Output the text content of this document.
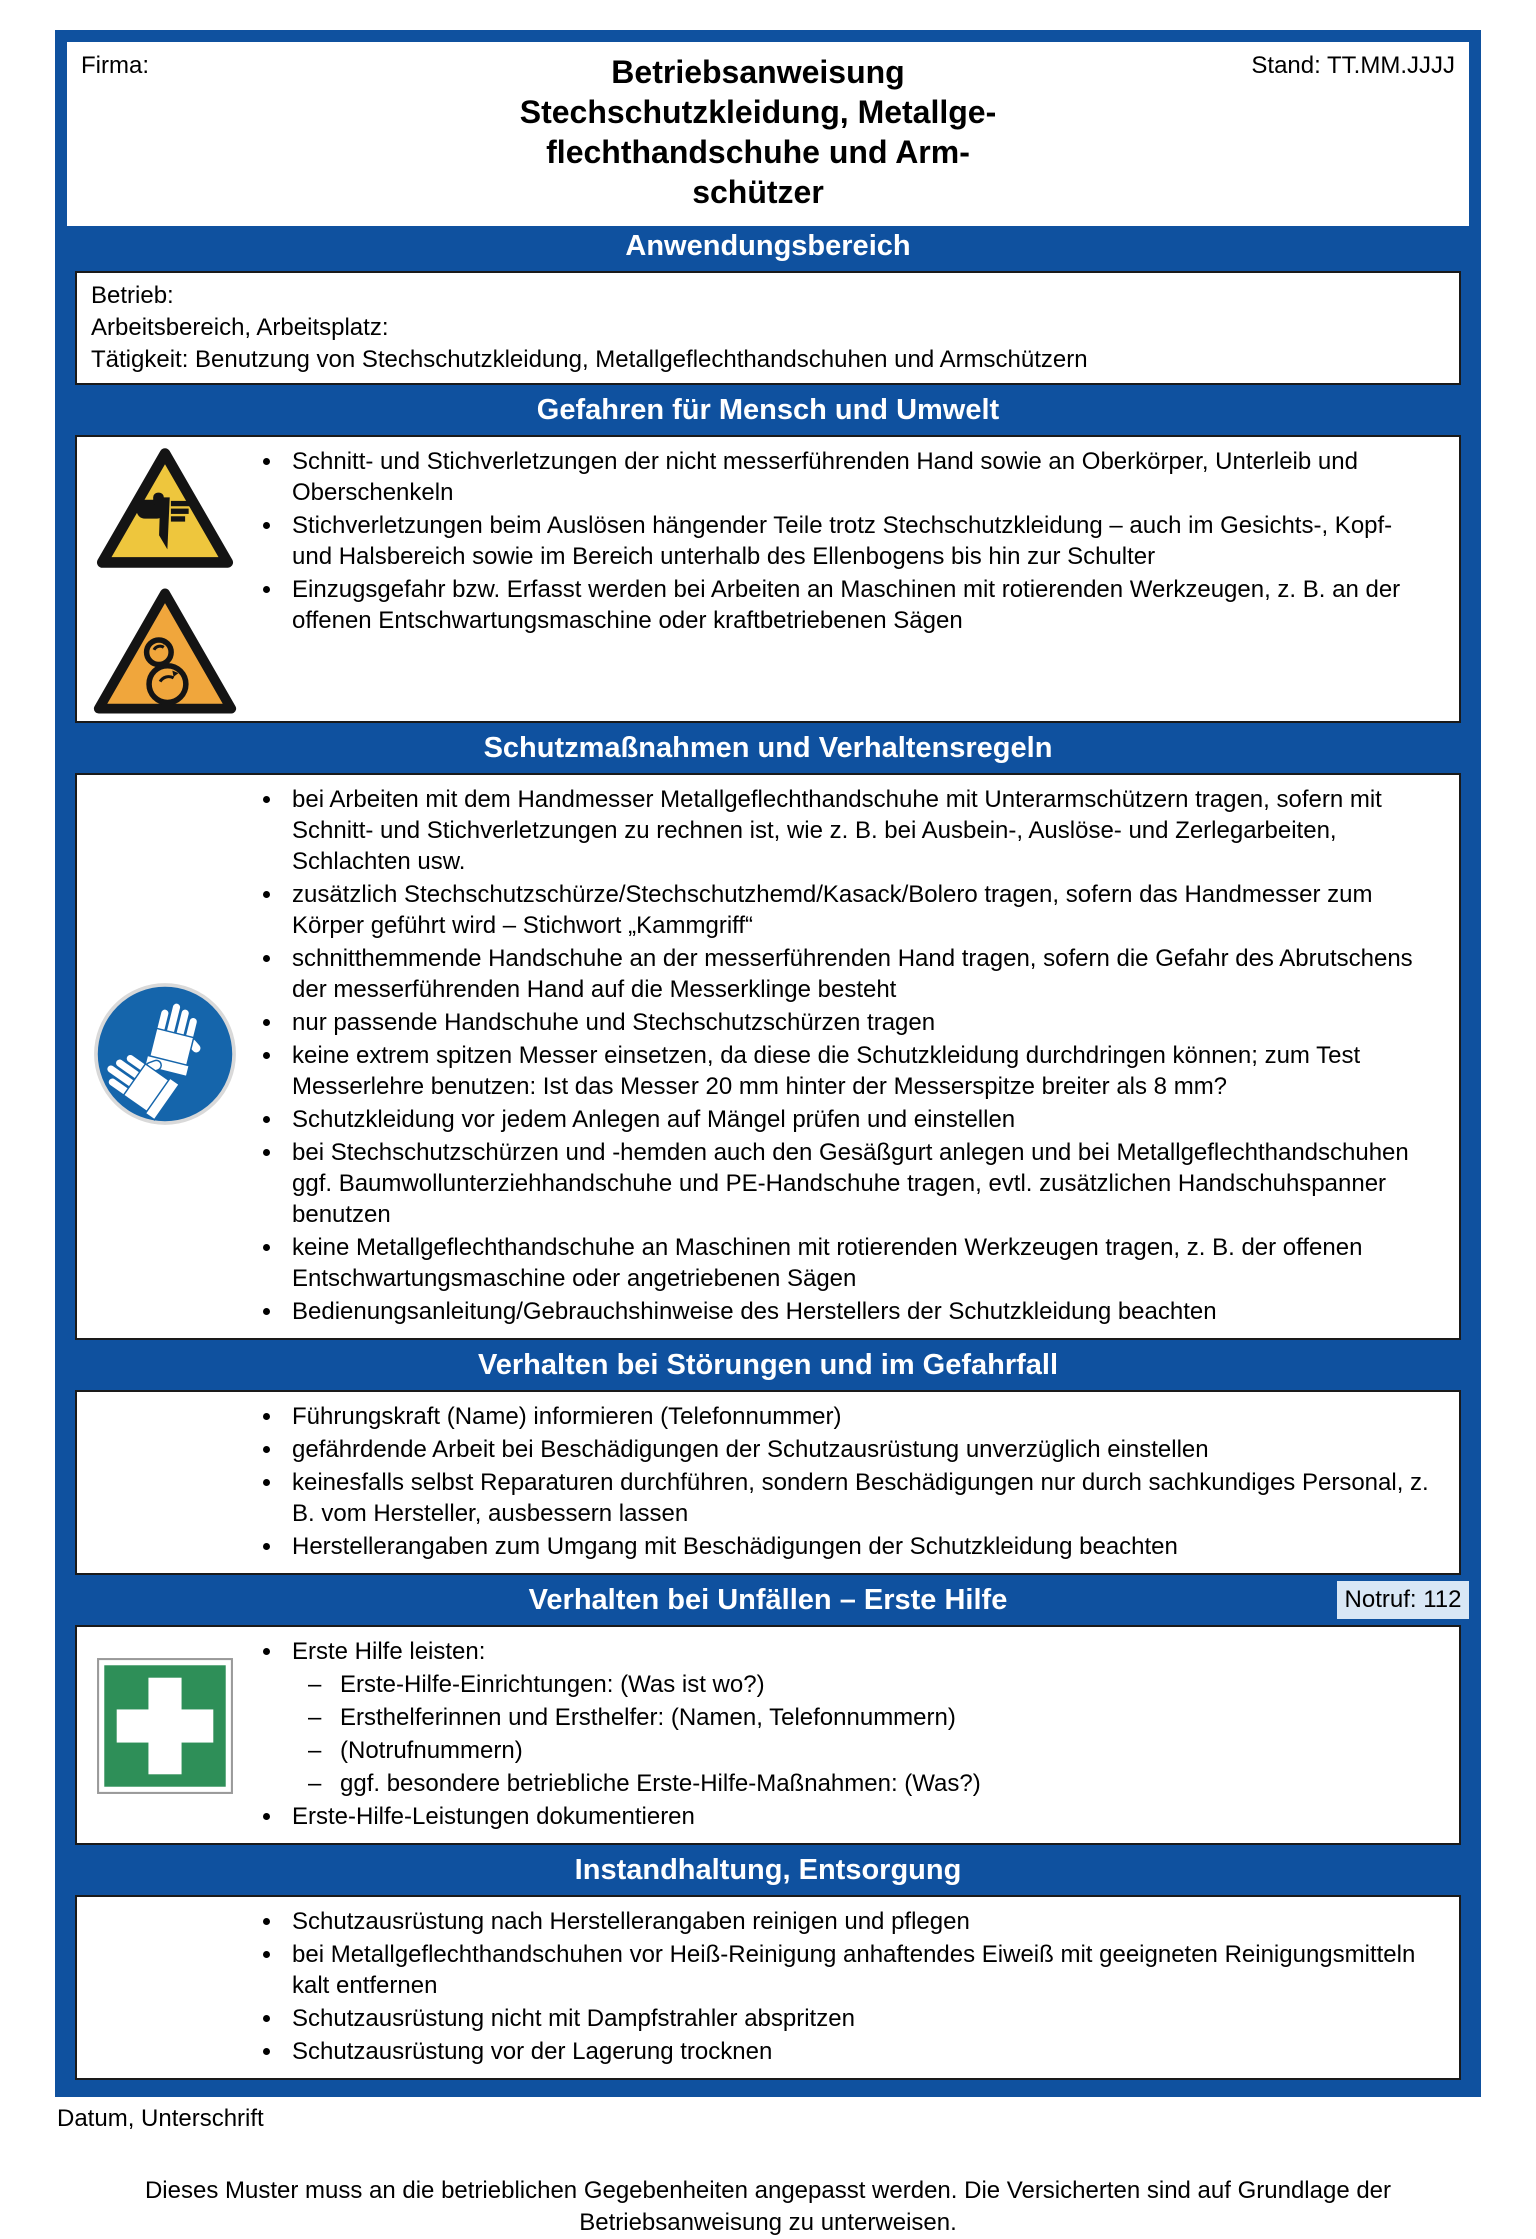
Firma:	Betriebsanweisung
Stechschutzkleidung, Metallge-
flechthandschuhe und Arm-
schützer
Stand: TT.MM.JJJJ
Anwendungsbereich
Betrieb:
Arbeitsbereich, Arbeitsplatz:
Tätigkeit: Benutzung von Stechschutzkleidung, Metallgeflechthandschuhen und Armschützern
Gefahren für Mensch und Umwelt
• Schnitt- und Stichverletzungen der nicht messerführenden Hand sowie an Oberkörper, Unterleib und Oberschenkeln
• Stichverletzungen beim Auslösen hängender Teile trotz Stechschutzkleidung – auch im Gesichts-, Kopf- und Halsbereich sowie im Bereich unterhalb des Ellenbogens bis hin zur Schulter
• Einzugsgefahr bzw. Erfasst werden bei Arbeiten an Maschinen mit rotierenden Werkzeugen, z. B. an der offenen Entschwartungsmaschine oder kraftbetriebenen Sägen
Schutzmaßnahmen und Verhaltensregeln
• bei Arbeiten mit dem Handmesser Metallgeflechthandschuhe mit Unterarmschützern tragen, sofern mit Schnitt- und Stichverletzungen zu rechnen ist, wie z. B. bei Ausbein-, Auslöse- und Zerlegarbeiten, Schlachten usw.
• zusätzlich Stechschutzschürze/Stechschutzhemd/Kasack/Bolero tragen, sofern das Handmesser zum Körper geführt wird – Stichwort „Kammgriff“
• schnitthemmende Handschuhe an der messerführenden Hand tragen, sofern die Gefahr des Abrutschens der messerführenden Hand auf die Messerklinge besteht
• nur passende Handschuhe und Stechschutzschürzen tragen
• keine extrem spitzen Messer einsetzen, da diese die Schutzkleidung durchdringen können; zum Test Messerlehre benutzen: Ist das Messer 20 mm hinter der Messerspitze breiter als 8 mm?
• Schutzkleidung vor jedem Anlegen auf Mängel prüfen und einstellen
• bei Stechschutzschürzen und -hemden auch den Gesäßgurt anlegen und bei Metallgeflechthandschuhen ggf. Baumwollunterziehhandschuhe und PE-Handschuhe tragen, evtl. zusätzlichen Handschuhspanner benutzen
• keine Metallgeflechthandschuhe an Maschinen mit rotierenden Werkzeugen tragen, z. B. der offenen Entschwartungsmaschine oder angetriebenen Sägen
• Bedienungsanleitung/Gebrauchshinweise des Herstellers der Schutzkleidung beachten
Verhalten bei Störungen und im Gefahrfall
• Führungskraft (Name) informieren (Telefonnummer)
• gefährdende Arbeit bei Beschädigungen der Schutzausrüstung unverzüglich einstellen
• keinesfalls selbst Reparaturen durchführen, sondern Beschädigungen nur durch sachkundiges Personal, z. B. vom Hersteller, ausbessern lassen
• Herstellerangaben zum Umgang mit Beschädigungen der Schutzkleidung beachten
Verhalten bei Unfällen – Erste Hilfe	Notruf: 112
• Erste Hilfe leisten:
– Erste-Hilfe-Einrichtungen: (Was ist wo?)
– Ersthelferinnen und Ersthelfer: (Namen, Telefonnummern)
– (Notrufnummern)
– ggf. besondere betriebliche Erste-Hilfe-Maßnahmen: (Was?)
• Erste-Hilfe-Leistungen dokumentieren
Instandhaltung, Entsorgung
• Schutzausrüstung nach Herstellerangaben reinigen und pflegen
• bei Metallgeflechthandschuhen vor Heiß-Reinigung anhaftendes Eiweiß mit geeigneten Reinigungsmitteln kalt entfernen
• Schutzausrüstung nicht mit Dampfstrahler abspritzen
• Schutzausrüstung vor der Lagerung trocknen
Datum, Unterschrift
Dieses Muster muss an die betrieblichen Gegebenheiten angepasst werden. Die Versicherten sind auf Grundlage der Betriebsanweisung zu unterweisen.
